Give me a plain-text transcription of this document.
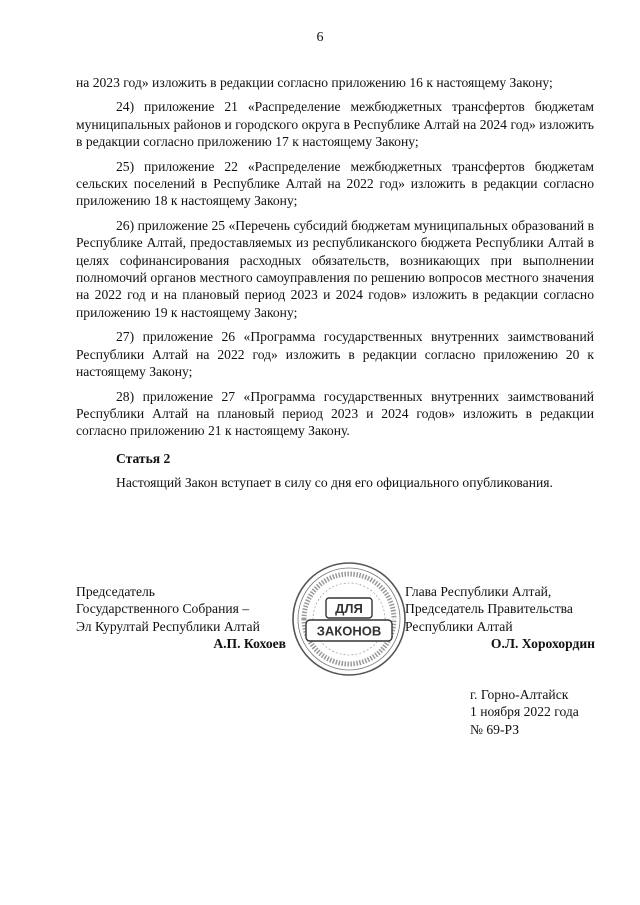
6

на 2023 год» изложить в редакции согласно приложению 16 к настоящему Закону;

24) приложение 21 «Распределение межбюджетных трансфертов бюджетам муниципальных районов и городского округа в Республике Алтай на 2024 год» изложить в редакции согласно приложению 17 к настоящему Закону;

25) приложение 22 «Распределение межбюджетных трансфертов бюджетам сельских поселений в Республике Алтай на 2022 год» изложить в редакции согласно приложению 18 к настоящему Закону;

26) приложение 25 «Перечень субсидий бюджетам муниципальных образований в Республике Алтай, предоставляемых из республиканского бюджета Республики Алтай в целях софинансирования расходных обязательств, возникающих при выполнении полномочий органов местного самоуправления по решению вопросов местного значения на 2022 год и на плановый период 2023 и 2024 годов» изложить в редакции согласно приложению 19 к настоящему Закону;

27) приложение 26 «Программа государственных внутренних заимствований Республики Алтай на 2022 год» изложить в редакции согласно приложению 20 к настоящему Закону;

28) приложение 27 «Программа государственных внутренних заимствований Республики Алтай на плановый период 2023 и 2024 годов» изложить в редакции согласно приложению 21 к настоящему Закону.

Статья 2

Настоящий Закон вступает в силу со дня его официального опубликования.

Председатель
Государственного Собрания –
Эл Курултай Республики Алтай
А.П. Кохоев
ДЛЯ
ЗАКОНОВ
Глава Республики Алтай,
Председатель Правительства
Республики Алтай
О.Л. Хорохордин
г. Горно-Алтайск
1 ноября 2022 года
№ 69-РЗ
